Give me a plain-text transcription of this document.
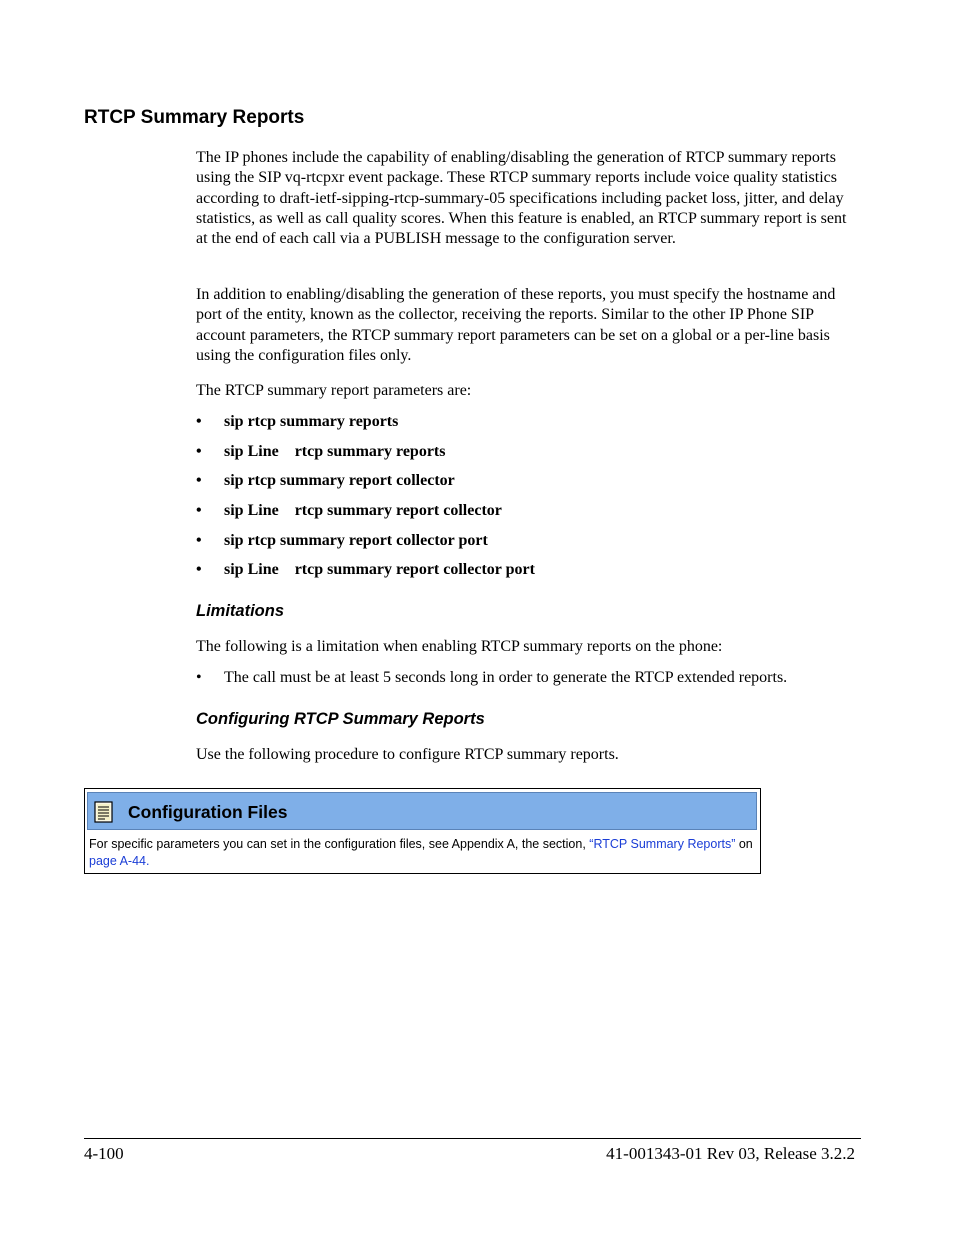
RTCP Summary Reports

The IP phones include the capability of enabling/disabling the generation of RTCP summary reports using the SIP vq-rtcpxr event package. These RTCP summary reports include voice quality statistics according to draft-ietf-sipping-rtcp-summary-05 specifications including packet loss, jitter, and delay statistics, as well as call quality scores. When this feature is enabled, an RTCP summary report is sent at the end of each call via a PUBLISH message to the configuration server.

In addition to enabling/disabling the generation of these reports, you must specify the hostname and port of the entity, known as the collector, receiving the reports. Similar to the other IP Phone SIP account parameters, the RTCP summary report parameters can be set on a global or a per-line basis using the configuration files only.

The RTCP summary report parameters are:

• sip rtcp summary reports
• sip Line rtcp summary reports
• sip rtcp summary report collector
• sip Line rtcp summary report collector
• sip rtcp summary report collector port
• sip Line rtcp summary report collector port
Limitations

The following is a limitation when enabling RTCP summary reports on the phone:

• The call must be at least 5 seconds long in order to generate the RTCP extended reports.

Configuring RTCP Summary Reports

Use the following procedure to configure RTCP summary reports.

Configuration Files

For specific parameters you can set in the configuration files, see Appendix A, the section, “RTCP Summary Reports” on page A-44.

4-100	41-001343-01 Rev 03, Release 3.2.2
